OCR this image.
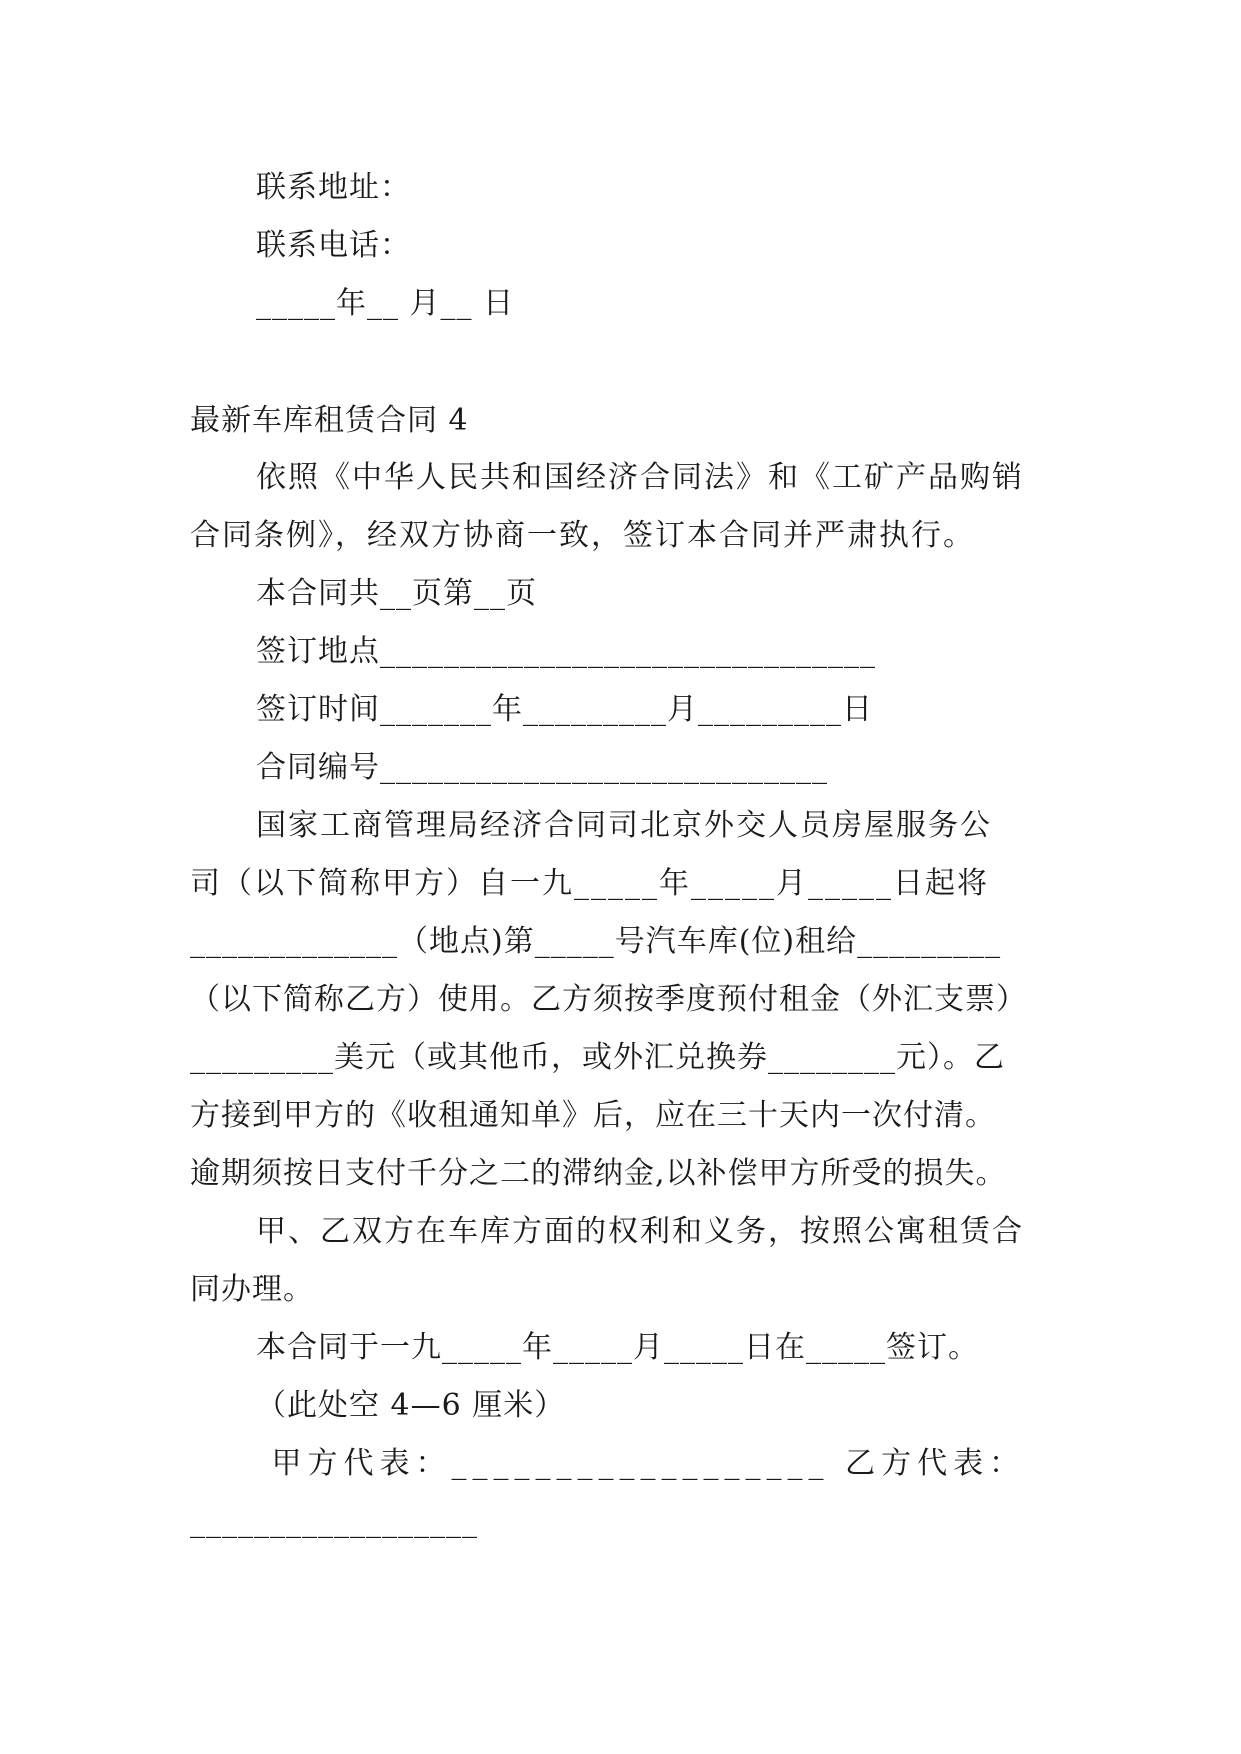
联系地址：
联系电话：
_____年__ 月__ 日
最新车库租赁合同 4
依照《中华人民共和国经济合同法》和《工矿产品购销
合同条例》，经双方协商一致，签订本合同并严肃执行。
本合同共__页第__页
签订地点_______________________________
签订时间_______年_________月_________日
合同编号____________________________
国家工商管理局经济合同司北京外交人员房屋服务公
司（以下简称甲方）自一九_____年_____月_____日起将
_____________（地点)第_____号汽车库(位)租给_________
（以下简称乙方）使用。乙方须按季度预付租金（外汇支票）
_________美元（或其他币，或外汇兑换券________元）。乙
方接到甲方的《收租通知单》后，应在三十天内一次付清。
逾期须按日支付千分之二的滞纳金,以补偿甲方所受的损失。
甲、乙双方在车库方面的权利和义务，按照公寓租赁合
同办理。
本合同于一九_____年_____月_____日在_____签订。
（此处空 4—6 厘米）
甲方代表：__________________ 乙方代表：
__________________
